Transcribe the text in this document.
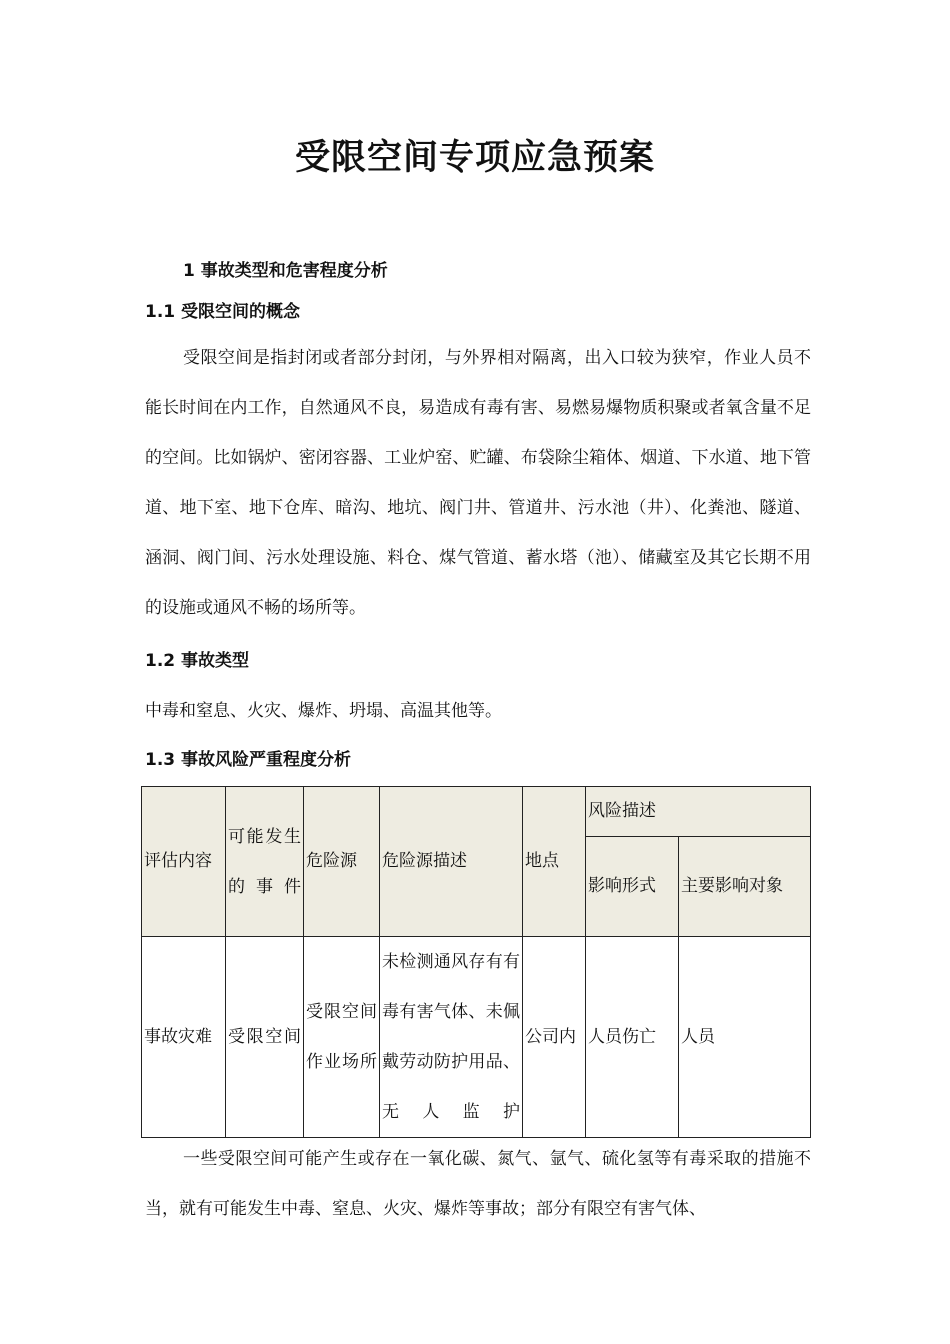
受限空间专项应急预案
1 事故类型和危害程度分析
1.1 受限空间的概念
受限空间是指封闭或者部分封闭，与外界相对隔离，出入口较为狭窄，作业人员不能长时间在内工作，自然通风不良，易造成有毒有害、易燃易爆物质积聚或者氧含量不足的空间。比如锅炉、密闭容器、工业炉窑、贮罐、布袋除尘箱体、烟道、下水道、地下管道、地下室、地下仓库、暗沟、地坑、阀门井、管道井、污水池（井）、化粪池、隧道、涵洞、阀门间、污水处理设施、料仓、煤气管道、蓄水塔（池）、储藏室及其它长期不用的设施或通风不畅的场所等。
1.2 事故类型
中毒和窒息、火灾、爆炸、坍塌、高温其他等。
1.3 事故风险严重程度分析
评估内容	可能发生的事件	危险源	危险源描述	地点	风险描述	
					影响形式	主要影响对象
事故灾难	受限空间	受限空间作业场所	未检测通风存有有毒有害气体、未佩戴劳动防护用品、无人监护	公司内	人员伤亡	人员
一些受限空间可能产生或存在一氧化碳、氮气、氩气、硫化氢等有毒采取的措施不当，就有可能发生中毒、窒息、火灾、爆炸等事故；部分有限空有害气体、
